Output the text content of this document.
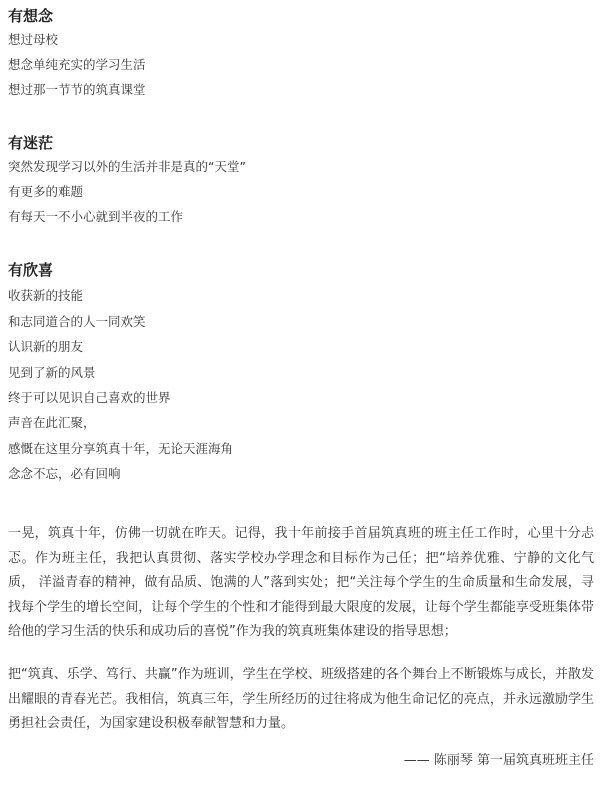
有想念
想过母校
想念单纯充实的学习生活
想过那一节节的筑真课堂
有迷茫
突然发现学习以外的生活并非是真的“天堂”
有更多的难题
有每天一不小心就到半夜的工作
有欣喜
收获新的技能
和志同道合的人一同欢笑
认识新的朋友
见到了新的风景
终于可以见识自己喜欢的世界
声音在此汇聚，
感慨在这里分享筑真十年，无论天涯海角
念念不忘，必有回响

一晃，筑真十年，仿佛一切就在昨天。记得，我十年前接手首届筑真班的班主任工作时，心里十分忐忑。作为班主任，我把认真贯彻、落实学校办学理念和目标作为己任；把“培养优雅、宁静的文化气质， 洋溢青春的精神，做有品质、饱满的人”落到实处；把“关注每个学生的生命质量和生命发展，寻找每个学生的增长空间，让每个学生的个性和才能得到最大限度的发展，让每个学生都能享受班集体带给他的学习生活的快乐和成功后的喜悦”作为我的筑真班集体建设的指导思想；

把“筑真、乐学、笃行、共赢”作为班训，学生在学校、班级搭建的各个舞台上不断锻炼与成长，并散发出耀眼的青春光芒。我相信，筑真三年，学生所经历的过往将成为他生命记忆的亮点，并永远激励学生勇担社会责任，为国家建设积极奉献智慧和力量。

—— 陈丽琴 第一届筑真班班主任
